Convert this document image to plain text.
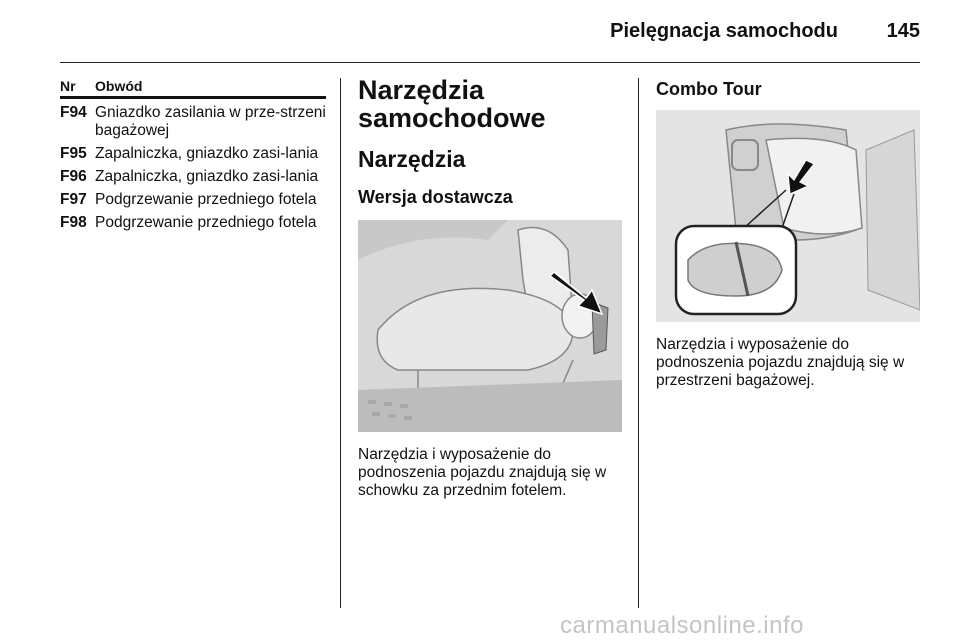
Pielęgnacja samochodu 145
Nr	Obwód
F94 Gniazdko zasilania w prze-strzeni bagażowej
F95 Zapalniczka, gniazdko zasi-lania
F96 Zapalniczka, gniazdko zasi-lania
F97 Podgrzewanie przedniego fotela
F98 Podgrzewanie przedniego fotela
Narzędzia samochodowe
Narzędzia
Wersja dostawcza
Narzędzia i wyposażenie do podnoszenia pojazdu znajdują się w schowku za przednim fotelem.
Combo Tour
Narzędzia i wyposażenie do podnoszenia pojazdu znajdują się w przestrzeni bagażowej.
carmanualsonline.info
